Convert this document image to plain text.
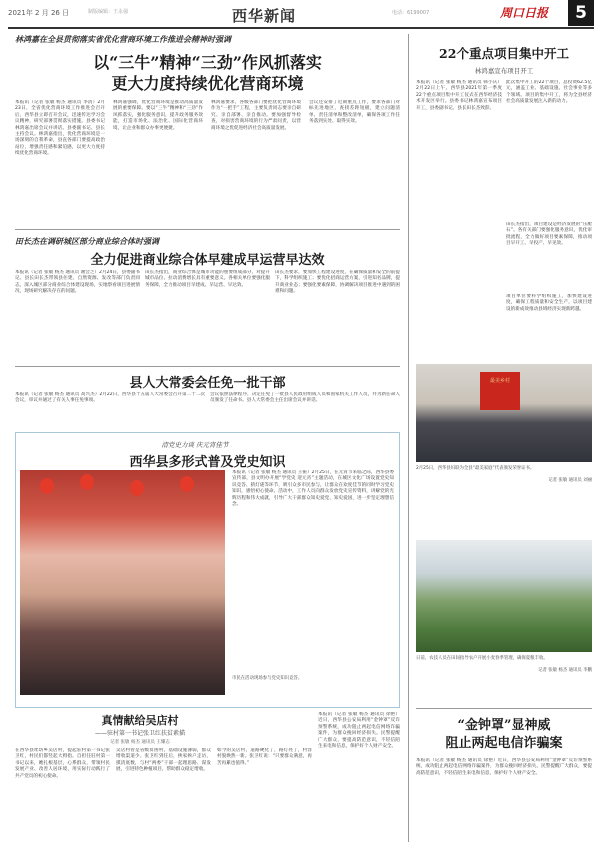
2021年 2 月 26 日	制版编辑：王永强	西华新闻	电话：6199007	周口日报	5
林鸿嘉在全县贯彻落实省优化营商环境工作推进会精神时强调
以“三牛”精神“三劲”作风抓落实
更大力度持续优化营商环境
本报讯（记者 张敏 杨杰 通讯员 李清）2月23日，全省优化营商环境工作推进会召开后，西华县立即召开会议，迅速传达学习会议精神，研究部署贯彻落实措施。县委书记林鸿嘉出席会议并讲话。县委副书记、县长主持会议。林鸿嘉指出，优化营商环境是一场深刻的自我革命，县直各部门要提高政治站位，增强责任感和紧迫感，以更大力度持续优化营商环境。
林鸿嘉强调，优化营商环境是推动高质量发展的重要保障。要以“三牛”精神和“三劲”作风抓落实，强化服务意识，提升政务服务效能，打造市场化、法治化、国际化营商环境，让企业和群众办事更便捷。
林鸿嘉要求，各级各部门要把优化营商环境作为“一把手”工程，主要负责同志要亲自研究、亲自部署、亲自推动。要加强督导检查，对损害营商环境的行为严肃问责，以营商环境之优促进经济社会高质量发展。
会议还安排了近期重点工作，要求各部门对标先进地区，查找差距短板，建立问题清单、责任清单和整改清单，确保各项工作任务落到实处、取得实效。
田长杰在调研城区部分商业综合体时强调
全力促进商业综合体早建成早运营早达效
本报讯（记者 张敏 杨杰 通讯员 谢会芝）2月24日，县委副书记、县长田长杰带领县住建、自然资源、发改等部门负责同志，深入城区部分商业综合体建设现场，实地察看项目进展情况，现场研究解决存在的问题。
田长杰指出，商业综合体是城市功能的重要组成部分，对提升城市品位、拉动消费增长具有重要意义。各相关单位要强化服务保障，全力推动项目早建成、早运营、早达效。
田长杰要求，要加快工程建设进度，在确保质量和安全的前提下，科学组织施工；要优化招商运营方案，引进知名品牌，提升商业业态；要强化要素保障，协调解决项目推进中遇到的困难和问题。
县人大常委会任免一批干部
本报讯（记者 张敏 杨杰 通讯员 高兴杰）2月22日，西华县十五届人大常委会召开第二十二次会议，审议并通过了有关人事任免事项。
会议依照法律程序，决定任免了一批县人民政府组成人员和国家机关工作人员，并为新任命人员颁发了任命书。县人大常委会主任出席会议并讲话。
清党史力谈 庆元宵佳节
西华县多形式普及党史知识
本报讯（记者 张敏 杨杰 通讯员 王振）2月25日，在元宵节来临之际，西华县委宣传部、县文明办开展“学党史 迎元宵”主题活动，在城区文化广场设置党史知识竞答、猜灯谜等环节，吸引众多市民参与，让群众在欢度佳节的同时学习党史知识，感悟初心使命。活动中，工作人员向群众发放党史宣传资料，讲解党的光辉历程和伟大成就，引导广大干部群众知史爱党、知史爱国，进一步坚定理想信念。
市民在活动现场参与党史知识竞答。
真情献给吴店村
——驻村第一书记张卫红扶贫素描
记者 张敏 杨杰 通讯员 王耀志
在西华县址坊乡吴店村，提起驻村第一书记张卫红，村民们都竖起大拇指。自担任驻村第一书记以来，她扎根基层，心系群众，带领村民发展产业、改善人居环境，用实际行动践行了共产党员的初心使命。
吴店村曾是省级贫困村，基础设施薄弱，群众增收渠道少。张卫红到任后，挨家挨户走访，摸清底数，与村“两委”干部一起理思路、谋发展，引进特色种植项目，帮助群众稳定增收。
如今的吴店村，道路硬化了，路灯亮了，村容村貌焕然一新。张卫红说：“只要群众满意，再苦再累也值得。”
本报讯（记者 张敏 杨杰 通讯员 徐艳）近日，西华县公安局利用“金钟罩”反诈预警系统，成功阻止两起电信网络诈骗案件，为群众挽回经济损失。民警提醒广大群众，要提高防范意识，不轻信陌生来电和信息，保护好个人财产安全。
22个重点项目集中开工
林鸿嘉宣布项目开工
本报讯（记者 张敏 杨杰 通讯员 韩小庆）2月22日上午，西华县2021年第一季度22个重点项目集中开工仪式在西华经济技术开发区举行。县委书记林鸿嘉宣布项目开工，县委副书记、县长田长杰致辞。
此次集中开工的22个项目，总投资62.5亿元，涵盖工业、基础设施、社会事业等多个领域。项目的集中开工，将为全县经济社会高质量发展注入新的动力。
田长杰指出，项目建设是经济发展的“压舱石”。各有关部门要强化服务意识，优化审批流程，全力做好项目要素保障，推动项目早开工、早投产、早见效。
项目单位要科学组织施工，加快建设进度，确保工程质量和安全生产，以项目建设的新成效推动县域经济实现新跨越。
最美乡村
2月25日，西华县妇联为全县“最美家庭”代表颁发荣誉证书。
记者 张敏 通讯员 刘丽
日前，农技人员在田间指导农户开展小麦春季管理，确保夏粮丰收。
记者 张敏 杨杰 通讯员 李鹏
“金钟罩”显神威
阻止两起电信诈骗案
本报讯（记者 张敏 杨杰 通讯员 徐艳）近日，西华县公安局利用“金钟罩”反诈预警系统，成功阻止两起电信网络诈骗案件，为群众挽回经济损失。民警提醒广大群众，要提高防范意识，不轻信陌生来电和信息，保护好个人财产安全。
